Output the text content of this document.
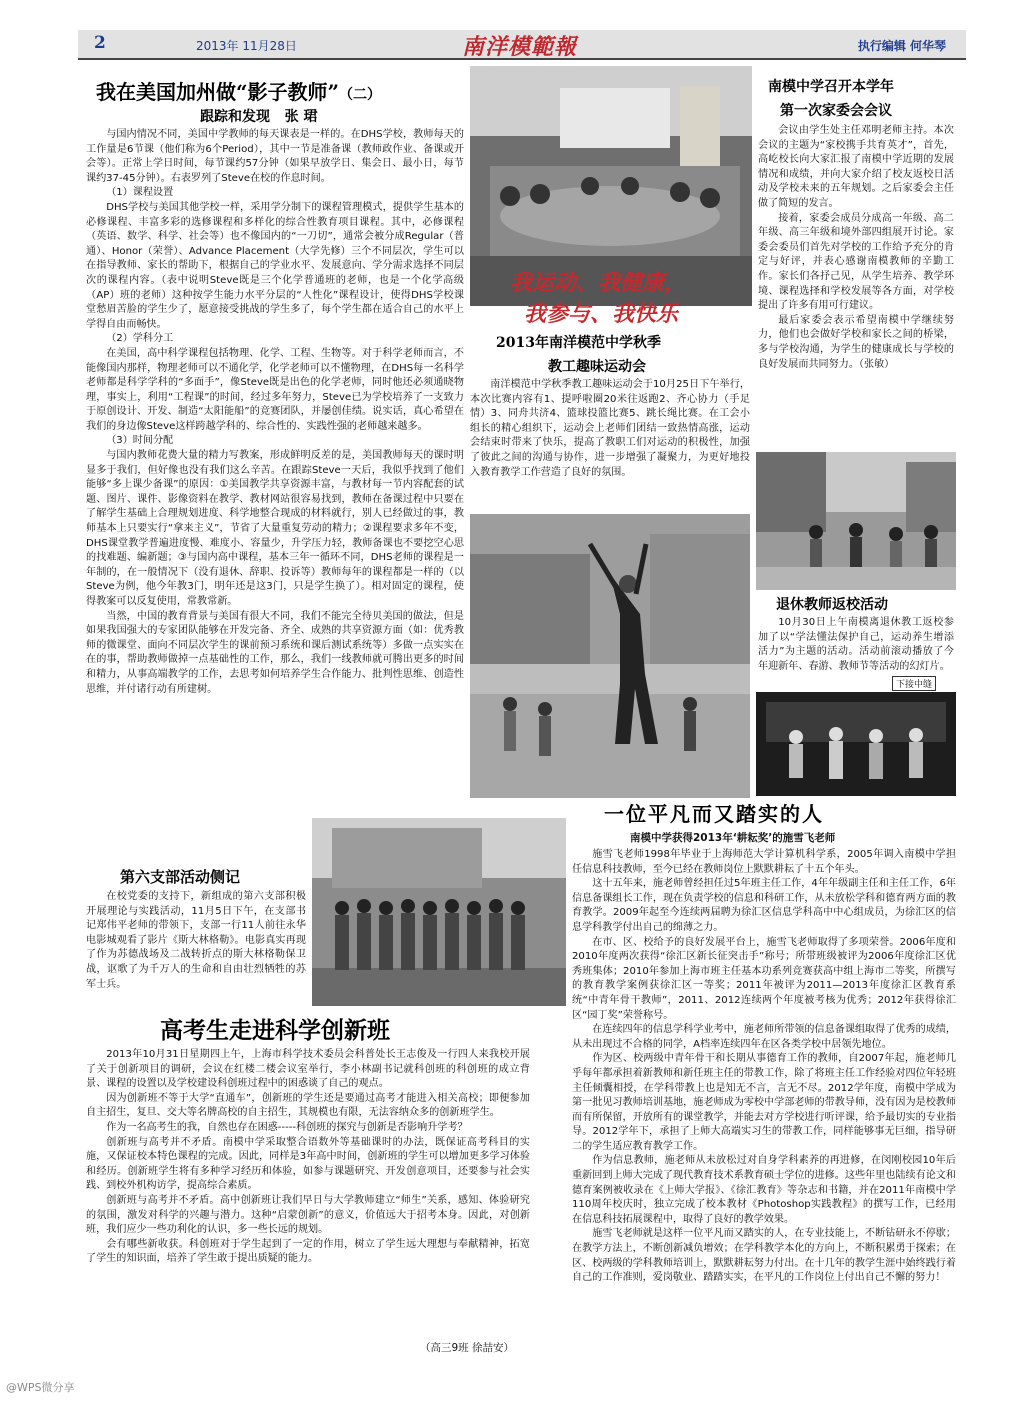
2	2013年 11月28日	南洋模範報	执行编辑 何华琴
我在美国加州做“影子教师”（二）
跟踪和发现 张 珺

与国内情况不同，美国中学教师的每天课表是一样的。在DHS学校，教师每天的工作量是6节课（他们称为6个Period），其中一节是准备课（教师政作业、备课或开会等）。正常上学日时间，每节课约57分钟（如果早放学日、集会日、最小日，每节课约37-45分钟）。右表罗列了Steve在校的作息时间。

（1）课程设置

DHS学校与美国其他学校一样，采用学分制下的课程管理模式，提供学生基本的必修课程、丰富多彩的选修课程和多样化的综合性教育项目课程。其中，必修课程（英语、数学、科学、社会等）也不像国内的“一刀切”，通常会被分成Regular（普通）、Honor（荣誉）、Advance Placement（大学先修）三个不同层次，学生可以在指导教师、家长的帮助下，根据自己的学业水平、发展意向、学分需求选择不同层次的课程内容。（表中说明Steve既是三个化学普通班的老师，也是一个化学高级（AP）班的老师）这种按学生能力水平分层的“人性化”课程设计，使得DHS学校课堂愁眉苦脸的学生少了，愿意接受挑战的学生多了，每个学生都在适合自己的水平上学得自由而畅快。

（2）学科分工

在美国，高中科学课程包括物理、化学、工程、生物等。对于科学老师而言，不能像国内那样，物理老师可以不通化学，化学老师可以不懂物理，在DHS每一名科学老师都是科学学科的“多面手”，像Steve既是出色的化学老师，同时他还必须通晓物理，事实上，利用“工程课”的时间，经过多年努力，Steve已为学校培养了一支致力于原创设计、开发、制造“太阳能船”的竞赛团队，并屡创佳绩。说实话，真心希望在我们的身边像Steve这样跨越学科的、综合性的、实践性强的老师越来越多。

（3）时间分配

与国内教师花费大量的精力写教案，形成鲜明反差的是，美国教师每天的课时明显多于我们，但好像也没有我们这么辛苦。在跟踪Steve一天后，我似乎找到了他们能够“多上课少备课”的原因：①美国教学共享资源丰富，与教材每一节内容配套的试题、图片、课件、影像资料在教学、教材网站很容易找到，教师在备课过程中只要在了解学生基础上合理规划进度、科学地整合现成的材料就行，别人已经做过的事，教师基本上只要实行“拿来主义”，节省了大量重复劳动的精力；②课程要求多年不变，DHS课堂教学普遍进度慢、难度小、容量少，升学压力轻，教师备课也不要挖空心思的找难题、编新题；③与国内高中课程，基本三年一循环不同，DHS老师的课程是一年制的，在一般情况下（没有退休、辞职、投诉等）教师每年的课程都是一样的（以Steve为例，他今年教3门，明年还是这3门，只是学生换了）。相对固定的课程，使得教案可以反复使用，常教常新。

当然，中国的教育背景与美国有很大不同，我们不能完全待贝美国的做法，但是如果我国强大的专家团队能够在开发完备、齐全、成熟的共享资源方面（如：优秀教师的微课堂、面向不同层次学生的课前预习系统和课后测试系统等）多做一点实实在在的事，帮助教师做掉一点基础性的工作，那么，我们一线教师就可腾出更多的时间和精力，从事高端教学的工作，去思考如何培养学生合作能力、批判性思维、创造性思维，并付诸行动有所建树。

我运动、我健康，
我参与、我快乐
2013年南洋模范中学秋季
教工趣味运动会

南洋模范中学秋季教工趣味运动会于10月25日下午举行，本次比赛内容有1、提呼啦圈20米往返跑2、齐心协力（手足情）3、同舟共济4、篮球投篮比赛5、跳长绳比赛。在工会小组长的精心组织下，运动会上老师们团结一致热情高涨，运动会结束时带来了快乐，提高了教职工们对运动的积极性，加强了彼此之间的沟通与协作，进一步增强了凝聚力，为更好地投入教育教学工作营造了良好的氛围。

南模中学召开本学年
第一次家委会会议

会议由学生处主任邓明老师主持。本次会议的主题为“家校携手共育英才”，首先，高屹校长向大家汇报了南模中学近期的发展情况和成绩，并向大家介绍了校友返校日活动及学校未来的五年规划。之后家委会主任做了简短的发言。

接着，家委会成员分成高一年级、高二年级、高三年级和境外部四组展开讨论。家委会委员们首先对学校的工作给予充分的肯定与好评，并表心感谢南模教师的辛勤工作。家长们各抒己见，从学生培养、教学环境、课程选择和学校发展等各方面，对学校提出了许多有用可行建议。

最后家委会表示希望南模中学继续努力，他们也会做好学校和家长之间的桥梁，多与学校沟通，为学生的健康成长与学校的良好发展而共同努力。（张敏）

退休教师返校活动

10月30日上午南模离退休教工返校参加了以“学法懂法保护自己，运动养生增添活力”为主题的活动。活动前滚动播放了今年迎新年、春游、教师节等活动的幻灯片。

下接中缝
第六支部活动侧记

在校党委的支持下，新组成的第六支部积极开展理论与实践活动，11月5日下午，在支部书记郑伟平老师的带领下，支部一行11人前往永华电影城观看了影片《斯大林格勒》。电影真实再现了作为苏德战场及二战转折点的斯大林格勒保卫战，讴歌了为千万人的生命和自由壮烈牺牲的苏军士兵。

高考生走进科学创新班

2013年10月31日星期四上午，上海市科学技术委员会科普处长王志俊及一行四人来我校开展了关于创新项目的调研，会议在红楼二楼会议室举行，李小林副书记就科创班的科创班的成立背景、课程的设置以及学校建设科创班过程中的困惑谈了自己的观点。

因为创新班不等于大学“直通车”，创新班的学生还是要通过高考才能进入相关高校；即便参加自主招生，复旦、交大等名牌高校的自主招生，其规模也有限，无法容纳众多的创新班学生。

作为一名高考生的我，自然也存在困惑-----科创班的探究与创新是否影响升学考？

创新班与高考并不矛盾。南模中学采取整合语数外等基础课时的办法，既保证高考科目的实施，又保证校本特色课程的完成。因此，同样是3年高中时间，创新班的学生可以增加更多学习体验和经历。创新班学生将有多种学习经历和体验，如参与课题研究、开发创意项目，还要参与社会实践、到校外机构访学，提高综合素质。

创新班与高考并不矛盾。高中创新班让我们早日与大学教师建立“师生”关系，感知、体验研究的氛围，激发对科学的兴趣与潜力。这种“启蒙创新”的意义，价值远大于招考本身。因此，对创新班，我们应少一些功利化的认识，多一些长远的规划。

会有哪些新收获。科创班对于学生起到了一定的作用，树立了学生远大理想与奉献精神，拓宽了学生的知识面，培养了学生敢于提出质疑的能力。

（高三9班 徐喆安）
一位平凡而又踏实的人
南模中学获得2013年‘耕耘奖’的施雪飞老师

施雪飞老师1998年毕业于上海师范大学计算机科学系，2005年调入南模中学担任信息科技教师，至今已经在教师岗位上默默耕耘了十五个年头。

这十五年来，施老师曾经担任过5年班主任工作，4年年级副主任和主任工作，6年信息备课组长工作，现在负责学校的信息和科研工作，从未放松学科和德育两方面的教育教学。2009年起至今连续两届聘为徐汇区信息学科高中中心组成员，为徐汇区的信息学科教学付出自己的绵薄之力。

在市、区、校给予的良好发展平台上，施雪飞老师取得了多项荣誉。2006年度和2010年度两次获得“徐汇区新长征突击手”称号；所带班级被评为2006年度徐汇区优秀班集体；2010年参加上海市班主任基本功系列竞赛获高中组上海市二等奖，所撰写的教育教学案例获徐汇区一等奖；2011年被评为2011—2013年度徐汇区教育系统“中青年骨干教师”，2011、2012连续两个年度被考核为优秀；2012年获得徐汇区“园丁奖”荣誉称号。

在连续四年的信息学科学业考中，施老师所带领的信息备课组取得了优秀的成绩，从未出现过不合格的同学，A档率连续四年在区各类学校中居领先地位。

作为区、校两级中青年骨干和长期从事德育工作的教师，自2007年起，施老师几乎每年都承担着新教师和新任班主任的带教工作，除了将班主任工作经验对四位年轻班主任倾囊相授，在学科带教上也是知无不言，言无不尽。2012学年度，南模中学成为第一批见习教师培训基地，施老师成为零校中学部老师的带教导师，没有因为是校教师而有所保留，开放所有的课堂教学，并能去对方学校进行听评课，给予最切实的专业指导。2012学年下，承担了上师大高端实习生的带教工作，同样能够事无巨细，指导研二的学生适应教育教学工作。

作为信息教师，施老师从未放松过对自身学科素养的再进修，在闵刚校园10年后重新回到上师大完成了现代教育技术系教育硕士学位的进修。这些年里也陆续有论文和德育案例被收录在《上师大学报》、《徐汇教育》等杂志和书籍，并在2011年南模中学110周年校庆时，独立完成了校本教材《Photoshop实践教程》的撰写工作，已经用在信息科技拓展课程中，取得了良好的教学效果。

施雪飞老师就是这样一位平凡而又踏实的人，在专业技能上，不断钻研永不停歇；在教学方法上，不断创新减负增效；在学科教学本化的方向上，不断积累勇于探索；在区、校两级的学科教师培训上，默默耕耘努力付出。在十几年的教学生涯中始终践行着自己的工作准则，爱岗敬业、踏踏实实，在平凡的工作岗位上付出自己不懈的努力！

@WPS微分享
